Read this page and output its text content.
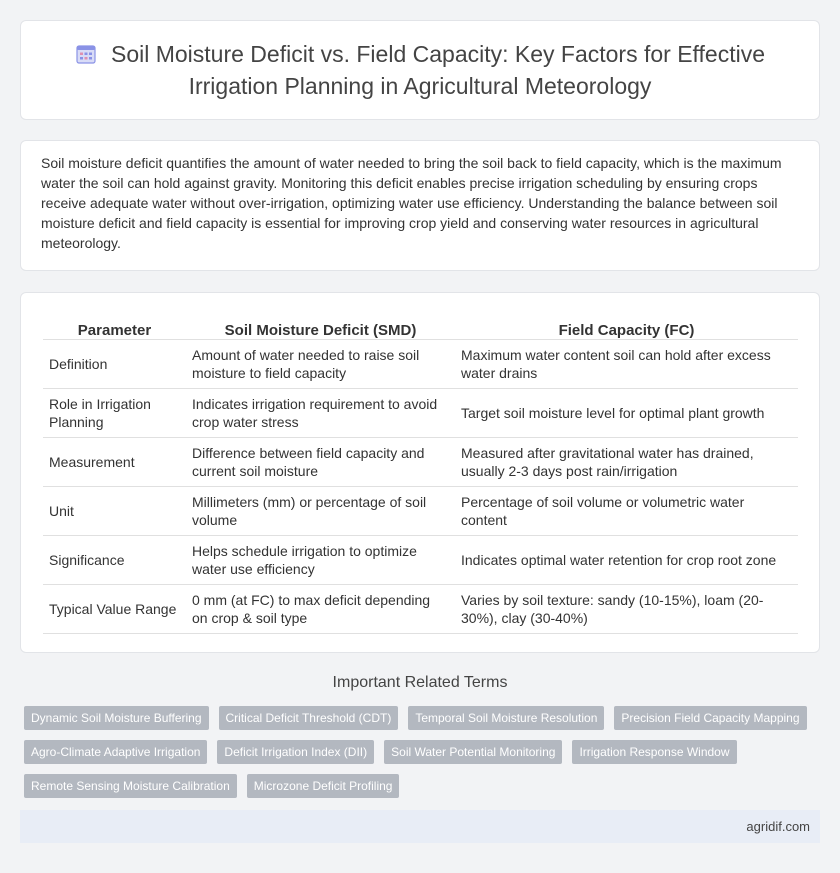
Soil Moisture Deficit vs. Field Capacity: Key Factors for Effective Irrigation Planning in Agricultural Meteorology

Soil moisture deficit quantifies the amount of water needed to bring the soil back to field capacity, which is the maximum water the soil can hold against gravity. Monitoring this deficit enables precise irrigation scheduling by ensuring crops receive adequate water without over-irrigation, optimizing water use efficiency. Understanding the balance between soil moisture deficit and field capacity is essential for improving crop yield and conserving water resources in agricultural meteorology.

Parameter	Soil Moisture Deficit (SMD)	Field Capacity (FC)
Definition	Amount of water needed to raise soil moisture to field capacity	Maximum water content soil can hold after excess water drains
Role in Irrigation Planning	Indicates irrigation requirement to avoid crop water stress	Target soil moisture level for optimal plant growth
Measurement	Difference between field capacity and current soil moisture	Measured after gravitational water has drained, usually 2-3 days post rain/irrigation
Unit	Millimeters (mm) or percentage of soil volume	Percentage of soil volume or volumetric water content
Significance	Helps schedule irrigation to optimize water use efficiency	Indicates optimal water retention for crop root zone
Typical Value Range	0 mm (at FC) to max deficit depending on crop & soil type	Varies by soil texture: sandy (10-15%), loam (20-30%), clay (30-40%)
Important Related Terms
Dynamic Soil Moisture Buffering	Critical Deficit Threshold (CDT)	Temporal Soil Moisture Resolution	Precision Field Capacity Mapping
Agro-Climate Adaptive Irrigation	Deficit Irrigation Index (DII)	Soil Water Potential Monitoring	Irrigation Response Window
Remote Sensing Moisture Calibration	Microzone Deficit Profiling
agridif.com
